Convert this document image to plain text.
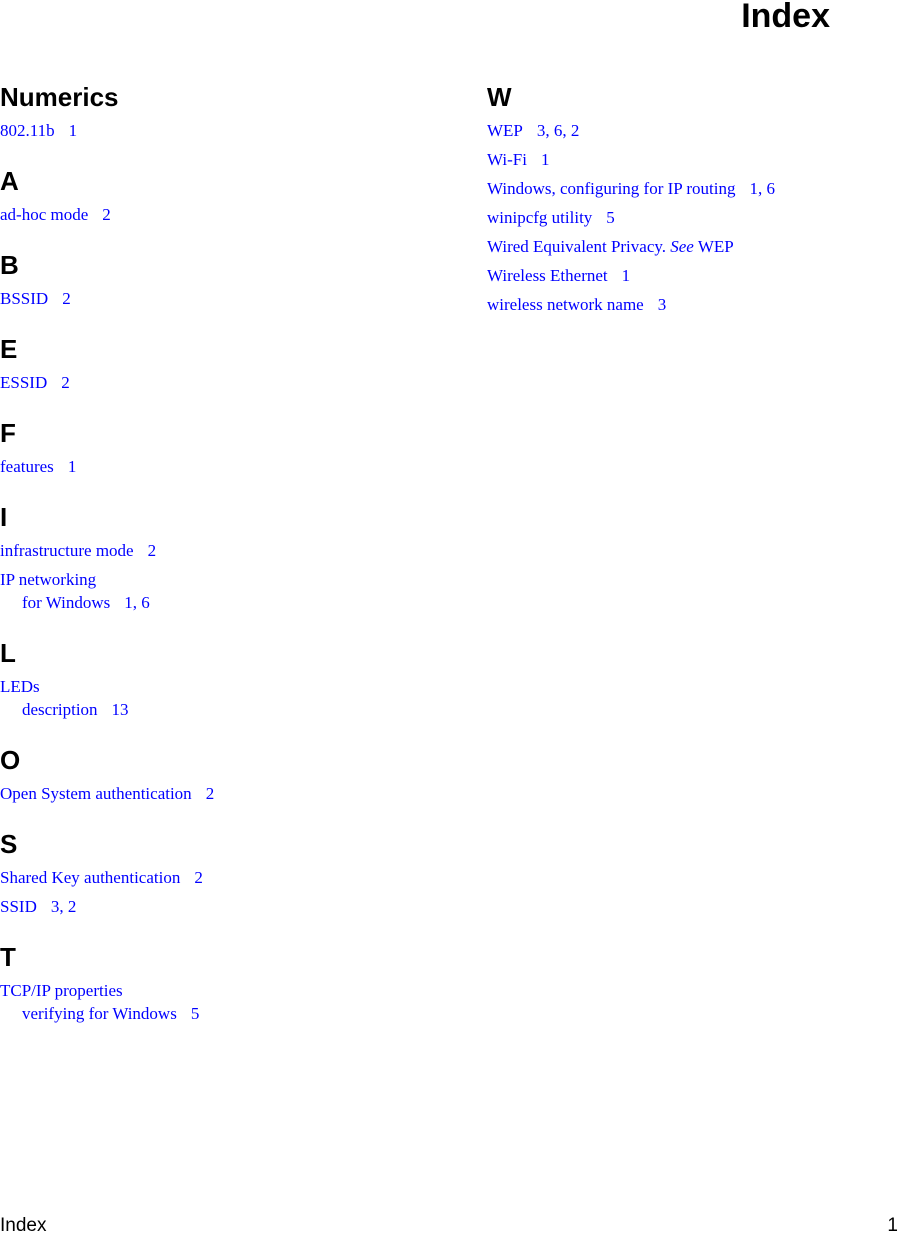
Index
Numerics
802.11b 1
A
ad-hoc mode 2
B
BSSID 2
E
ESSID 2
F
features 1
I
infrastructure mode 2
IP networking
for Windows 1 , 6
L
LEDs
description 13
O
Open System authentication 2
S
Shared Key authentication 2
SSID 3 , 2
T
TCP/IP properties
verifying for Windows 5
W
WEP 3 , 6 , 2
Wi-Fi 1
Windows, configuring for IP routing 1 , 6
winipcfg utility 5
Wired Equivalent Privacy. See WEP
Wireless Ethernet 1
wireless network name 3
Index	1
